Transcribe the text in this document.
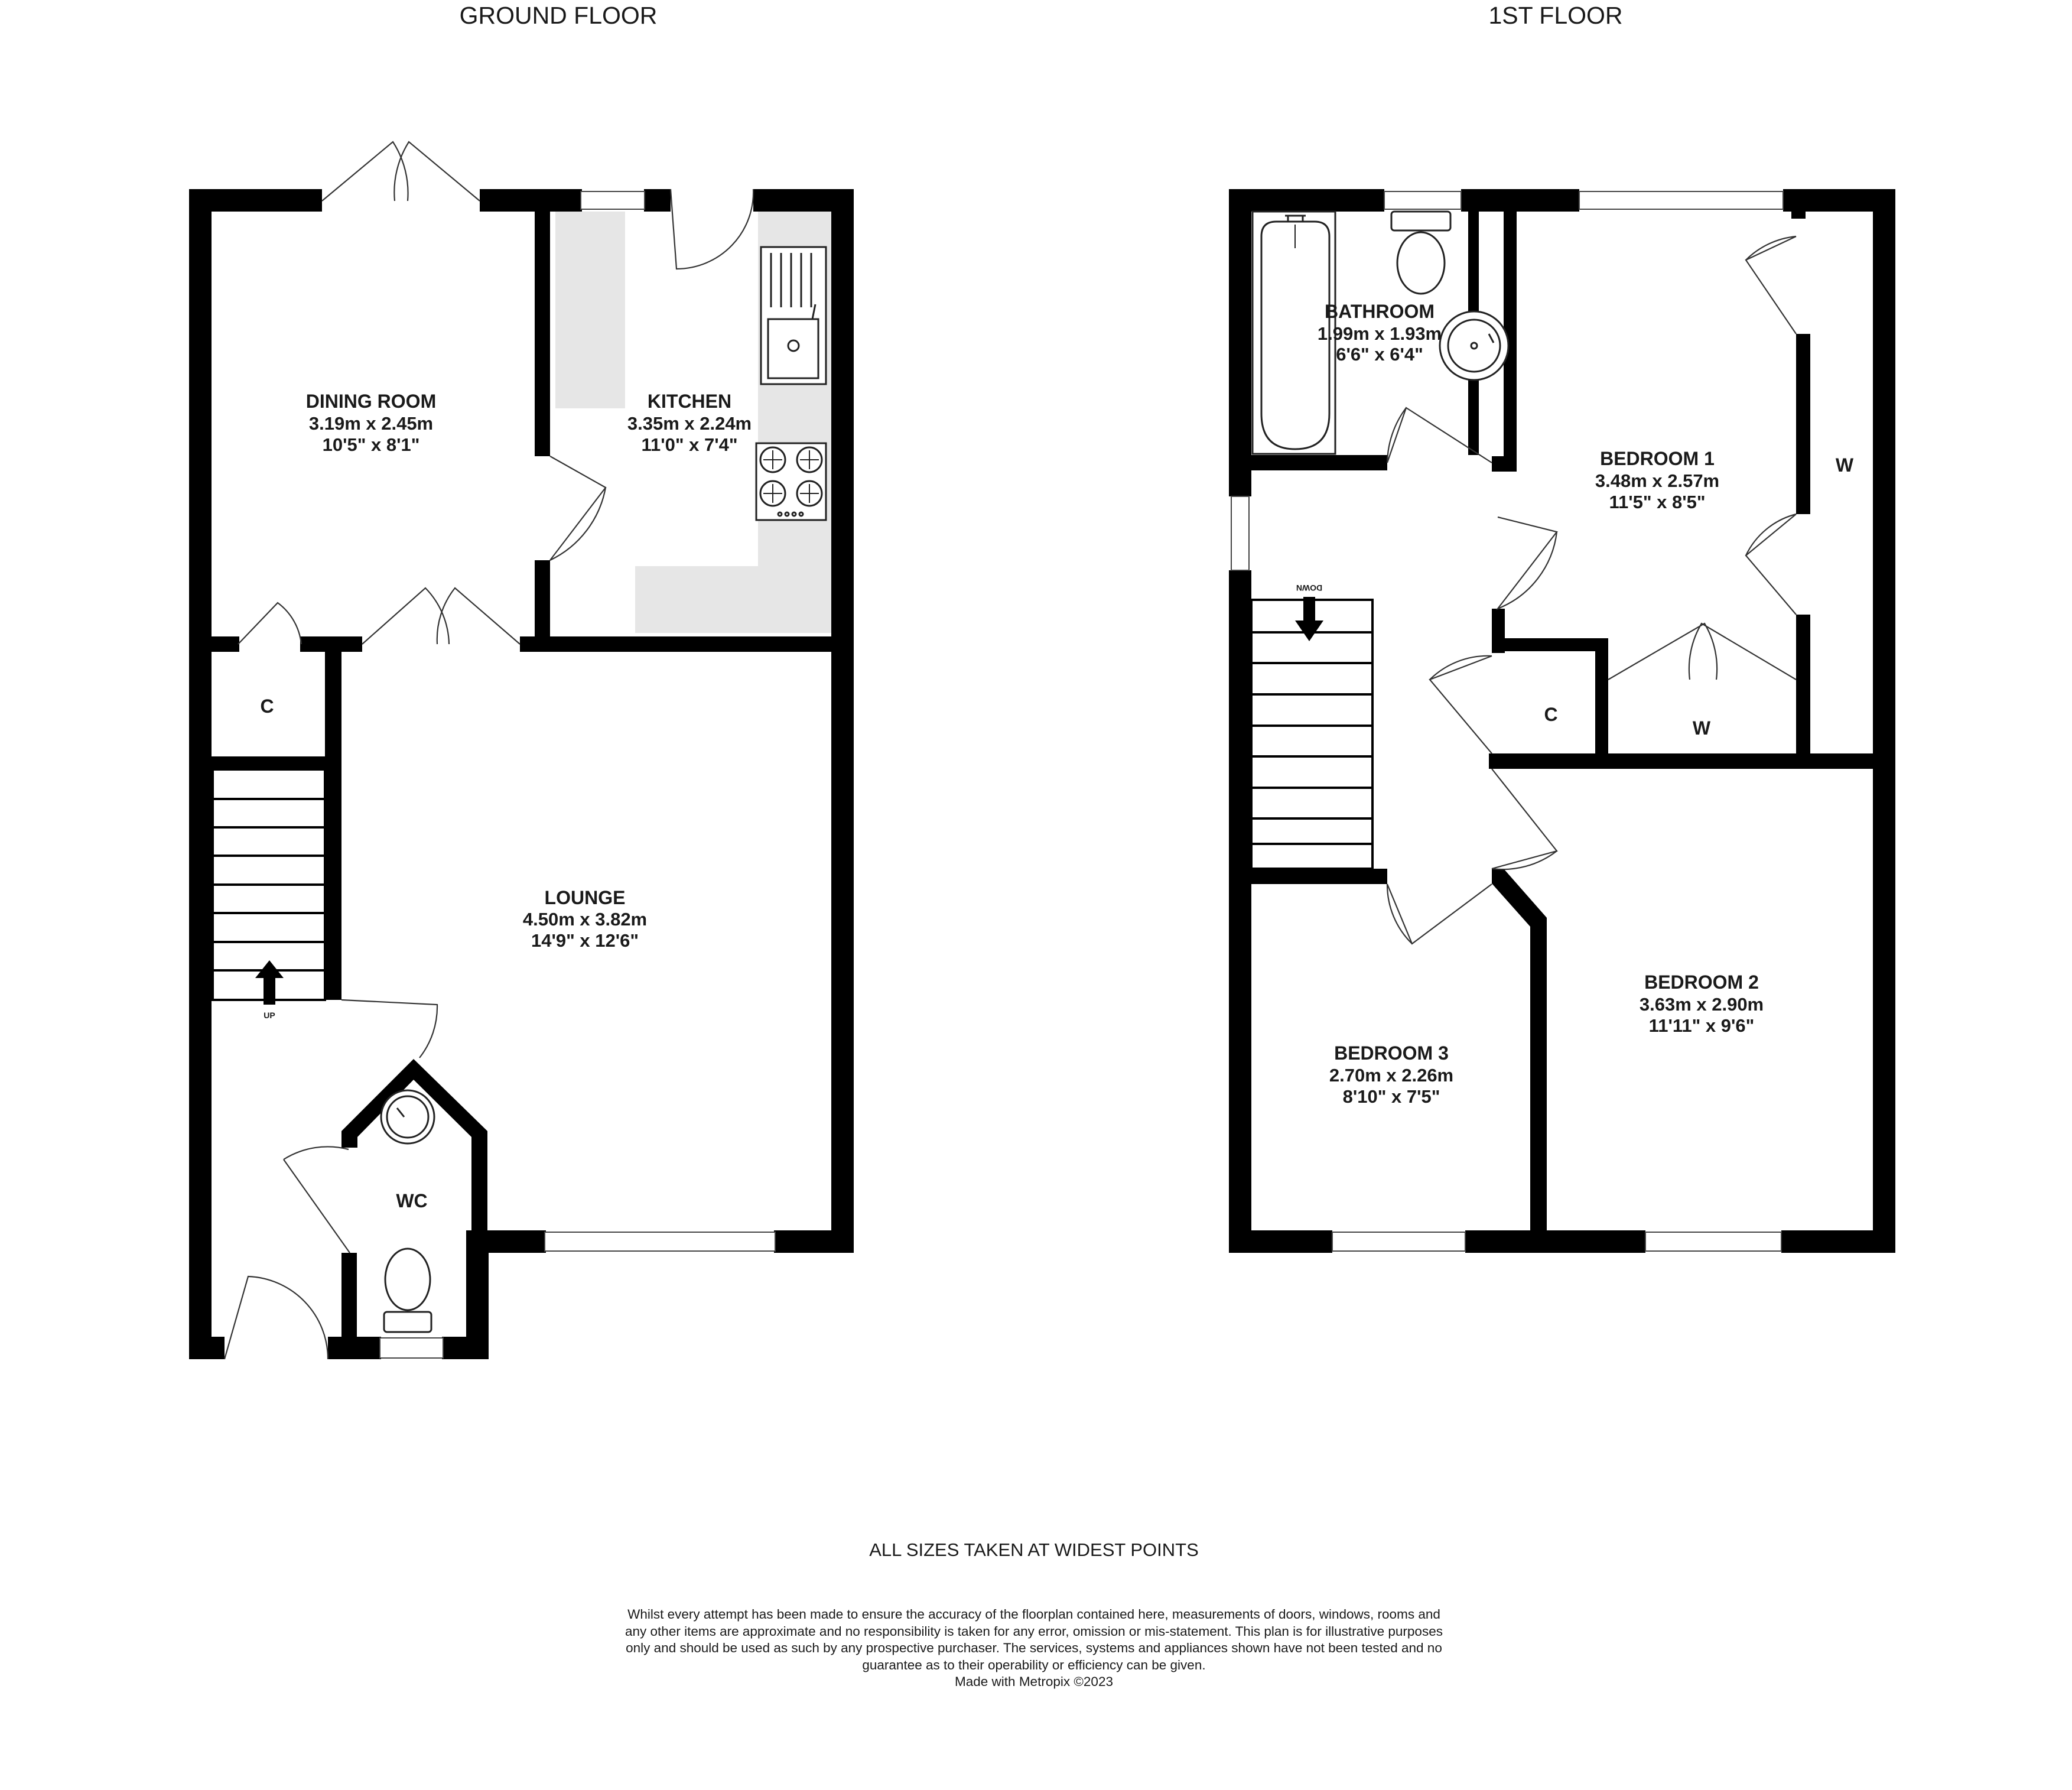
GROUND FLOOR
UP
DINING ROOM
3.19m x 2.45m
10'5" x 8'1"
KITCHEN
3.35m x 2.24m
11'0" x 7'4"
LOUNGE
4.50m x 3.82m
14'9" x 12'6"
C
WC
1ST FLOOR
DOWN
BATHROOM
1.99m x 1.93m
6'6" x 6'4"
BEDROOM 1
3.48m x 2.57m
11'5" x 8'5"
BEDROOM 2
3.63m x 2.90m
11'11" x 9'6"
BEDROOM 3
2.70m x 2.26m
8'10" x 7'5"
C
W
W
ALL SIZES TAKEN AT WIDEST POINTS
Whilst every attempt has been made to ensure the accuracy of the floorplan contained here, measurements of doors, windows, rooms and any other items are approximate and no responsibility is taken for any error, omission or mis-statement. This plan is for illustrative purposes only and should be used as such by any prospective purchaser. The services, systems and appliances shown have not been tested and no guarantee as to their operability or efficiency can be given.
Made with Metropix ©2023
